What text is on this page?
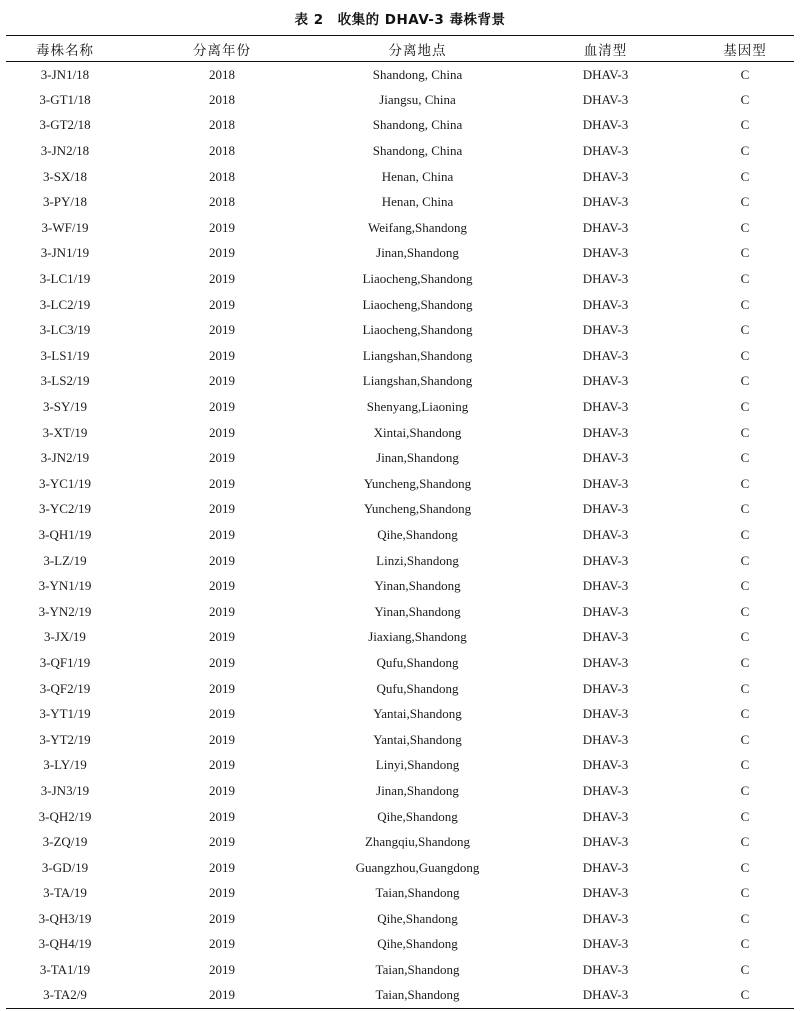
表 2 收集的 DHAV-3 毒株背景
毒株名称	分离年份	分离地点	血清型	基因型
3-JN1/18	2018	Shandong, China	DHAV-3	C
3-GT1/18	2018	Jiangsu, China	DHAV-3	C
3-GT2/18	2018	Shandong, China	DHAV-3	C
3-JN2/18	2018	Shandong, China	DHAV-3	C
3-SX/18	2018	Henan, China	DHAV-3	C
3-PY/18	2018	Henan, China	DHAV-3	C
3-WF/19	2019	Weifang,Shandong	DHAV-3	C
3-JN1/19	2019	Jinan,Shandong	DHAV-3	C
3-LC1/19	2019	Liaocheng,Shandong	DHAV-3	C
3-LC2/19	2019	Liaocheng,Shandong	DHAV-3	C
3-LC3/19	2019	Liaocheng,Shandong	DHAV-3	C
3-LS1/19	2019	Liangshan,Shandong	DHAV-3	C
3-LS2/19	2019	Liangshan,Shandong	DHAV-3	C
3-SY/19	2019	Shenyang,Liaoning	DHAV-3	C
3-XT/19	2019	Xintai,Shandong	DHAV-3	C
3-JN2/19	2019	Jinan,Shandong	DHAV-3	C
3-YC1/19	2019	Yuncheng,Shandong	DHAV-3	C
3-YC2/19	2019	Yuncheng,Shandong	DHAV-3	C
3-QH1/19	2019	Qihe,Shandong	DHAV-3	C
3-LZ/19	2019	Linzi,Shandong	DHAV-3	C
3-YN1/19	2019	Yinan,Shandong	DHAV-3	C
3-YN2/19	2019	Yinan,Shandong	DHAV-3	C
3-JX/19	2019	Jiaxiang,Shandong	DHAV-3	C
3-QF1/19	2019	Qufu,Shandong	DHAV-3	C
3-QF2/19	2019	Qufu,Shandong	DHAV-3	C
3-YT1/19	2019	Yantai,Shandong	DHAV-3	C
3-YT2/19	2019	Yantai,Shandong	DHAV-3	C
3-LY/19	2019	Linyi,Shandong	DHAV-3	C
3-JN3/19	2019	Jinan,Shandong	DHAV-3	C
3-QH2/19	2019	Qihe,Shandong	DHAV-3	C
3-ZQ/19	2019	Zhangqiu,Shandong	DHAV-3	C
3-GD/19	2019	Guangzhou,Guangdong	DHAV-3	C
3-TA/19	2019	Taian,Shandong	DHAV-3	C
3-QH3/19	2019	Qihe,Shandong	DHAV-3	C
3-QH4/19	2019	Qihe,Shandong	DHAV-3	C
3-TA1/19	2019	Taian,Shandong	DHAV-3	C
3-TA2/9	2019	Taian,Shandong	DHAV-3	C
